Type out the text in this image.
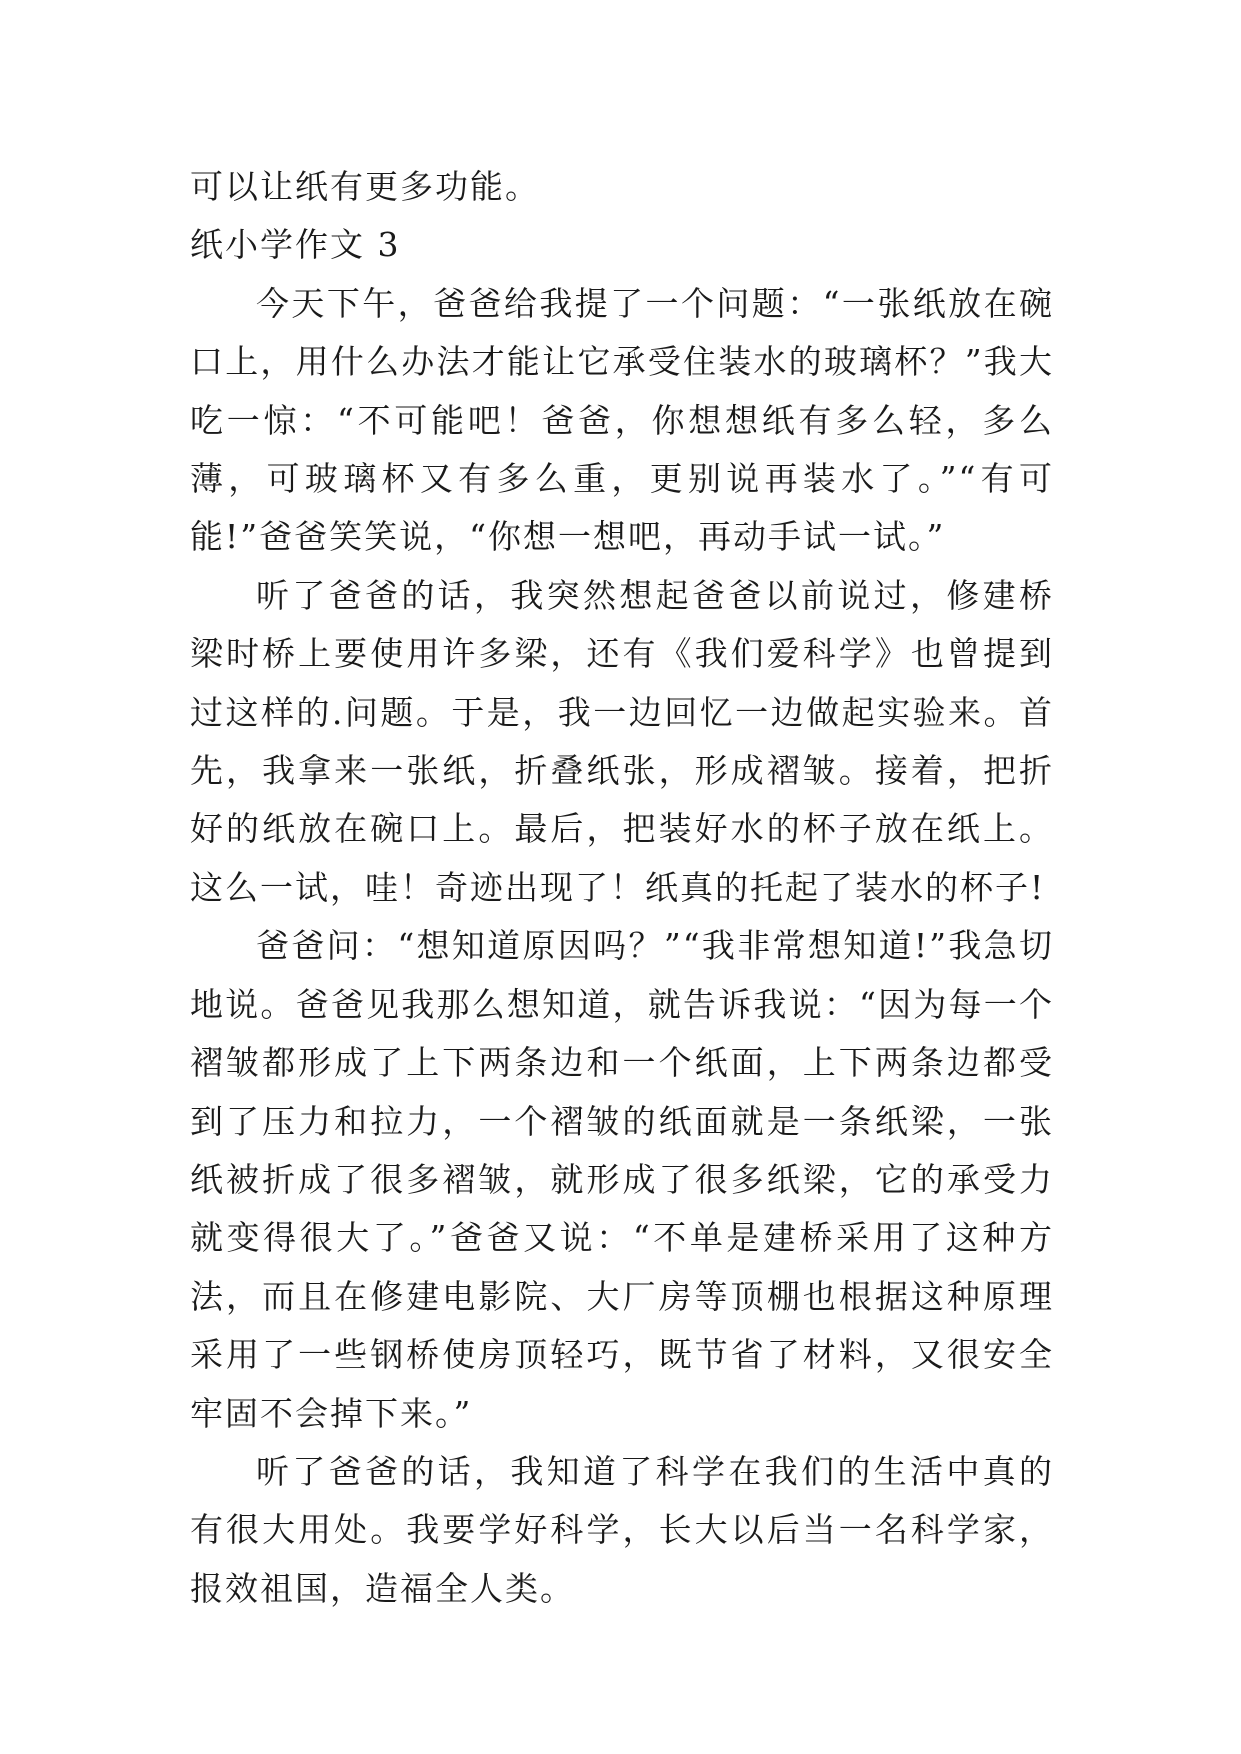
可以让纸有更多功能。

纸小学作文 3

今天下午，爸爸给我提了一个问题：“一张纸放在碗口上，用什么办法才能让它承受住装水的玻璃杯？”我大吃一惊：“不可能吧！爸爸，你想想纸有多么轻，多么薄，可玻璃杯又有多么重，更别说再装水了。”“有可能!”爸爸笑笑说，“你想一想吧，再动手试一试。”

听了爸爸的话，我突然想起爸爸以前说过，修建桥梁时桥上要使用许多梁，还有《我们爱科学》也曾提到过这样的.问题。于是，我一边回忆一边做起实验来。首先，我拿来一张纸，折叠纸张，形成褶皱。接着，把折好的纸放在碗口上。最后，把装好水的杯子放在纸上。这么一试，哇！奇迹出现了！纸真的托起了装水的杯子!

爸爸问：“想知道原因吗？”“我非常想知道!”我急切地说。爸爸见我那么想知道，就告诉我说：“因为每一个褶皱都形成了上下两条边和一个纸面，上下两条边都受到了压力和拉力，一个褶皱的纸面就是一条纸梁，一张纸被折成了很多褶皱，就形成了很多纸梁，它的承受力就变得很大了。”爸爸又说：“不单是建桥采用了这种方法，而且在修建电影院、大厂房等顶棚也根据这种原理采用了一些钢桥使房顶轻巧，既节省了材料，又很安全牢固不会掉下来。”

听了爸爸的话，我知道了科学在我们的生活中真的有很大用处。我要学好科学，长大以后当一名科学家，报效祖国，造福全人类。
